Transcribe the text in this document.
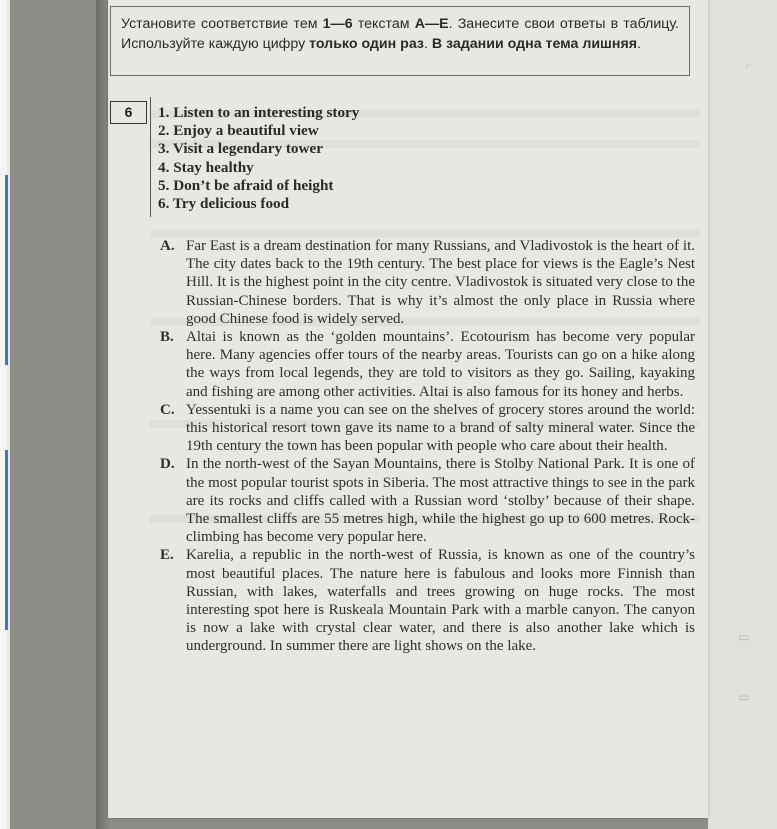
⌐
▭
▭
Установите соответствие тем 1—6 текстам А—Е. Занесите свои ответы в таблицу. Используйте каждую цифру только один раз. В задании одна тема лишняя.
6	1. Listen to an interesting story
2. Enjoy a beautiful view
3. Visit a legendary tower
4. Stay healthy
5. Don’t be afraid of height
6. Try delicious food
A. Far East is a dream destination for many Russians, and Vladivostok is the heart of it. The city dates back to the 19th century. The best place for views is the Eagle’s Nest Hill. It is the highest point in the city centre. Vladivostok is situated very close to the Russian-Chinese borders. That is why it’s almost the only place in Russia where good Chinese food is widely served.
B. Altai is known as the ‘golden mountains’. Ecotourism has become very popular here. Many agencies offer tours of the nearby areas. Tourists can go on a hike along the ways from local legends, they are told to visitors as they go. Sailing, kayaking and fishing are among other activities. Altai is also famous for its honey and herbs.
C. Yessentuki is a name you can see on the shelves of grocery stores around the world: this historical resort town gave its name to a brand of salty mineral water. Since the 19th century the town has been popular with people who care about their health.
D. In the north-west of the Sayan Mountains, there is Stolby National Park. It is one of the most popular tourist spots in Siberia. The most attractive things to see in the park are its rocks and cliffs called with a Russian word ‘stolby’ because of their shape. The smallest cliffs are 55 metres high, while the highest go up to 600 metres. Rock-climbing has become very popular here.
E. Karelia, a republic in the north-west of Russia, is known as one of the country’s most beautiful places. The nature here is fabulous and looks more Finnish than Russian, with lakes, waterfalls and trees growing on huge rocks. The most interesting spot here is Ruskeala Mountain Park with a marble canyon. The canyon is now a lake with crystal clear water, and there is also another lake which is underground. In summer there are light shows on the lake.
